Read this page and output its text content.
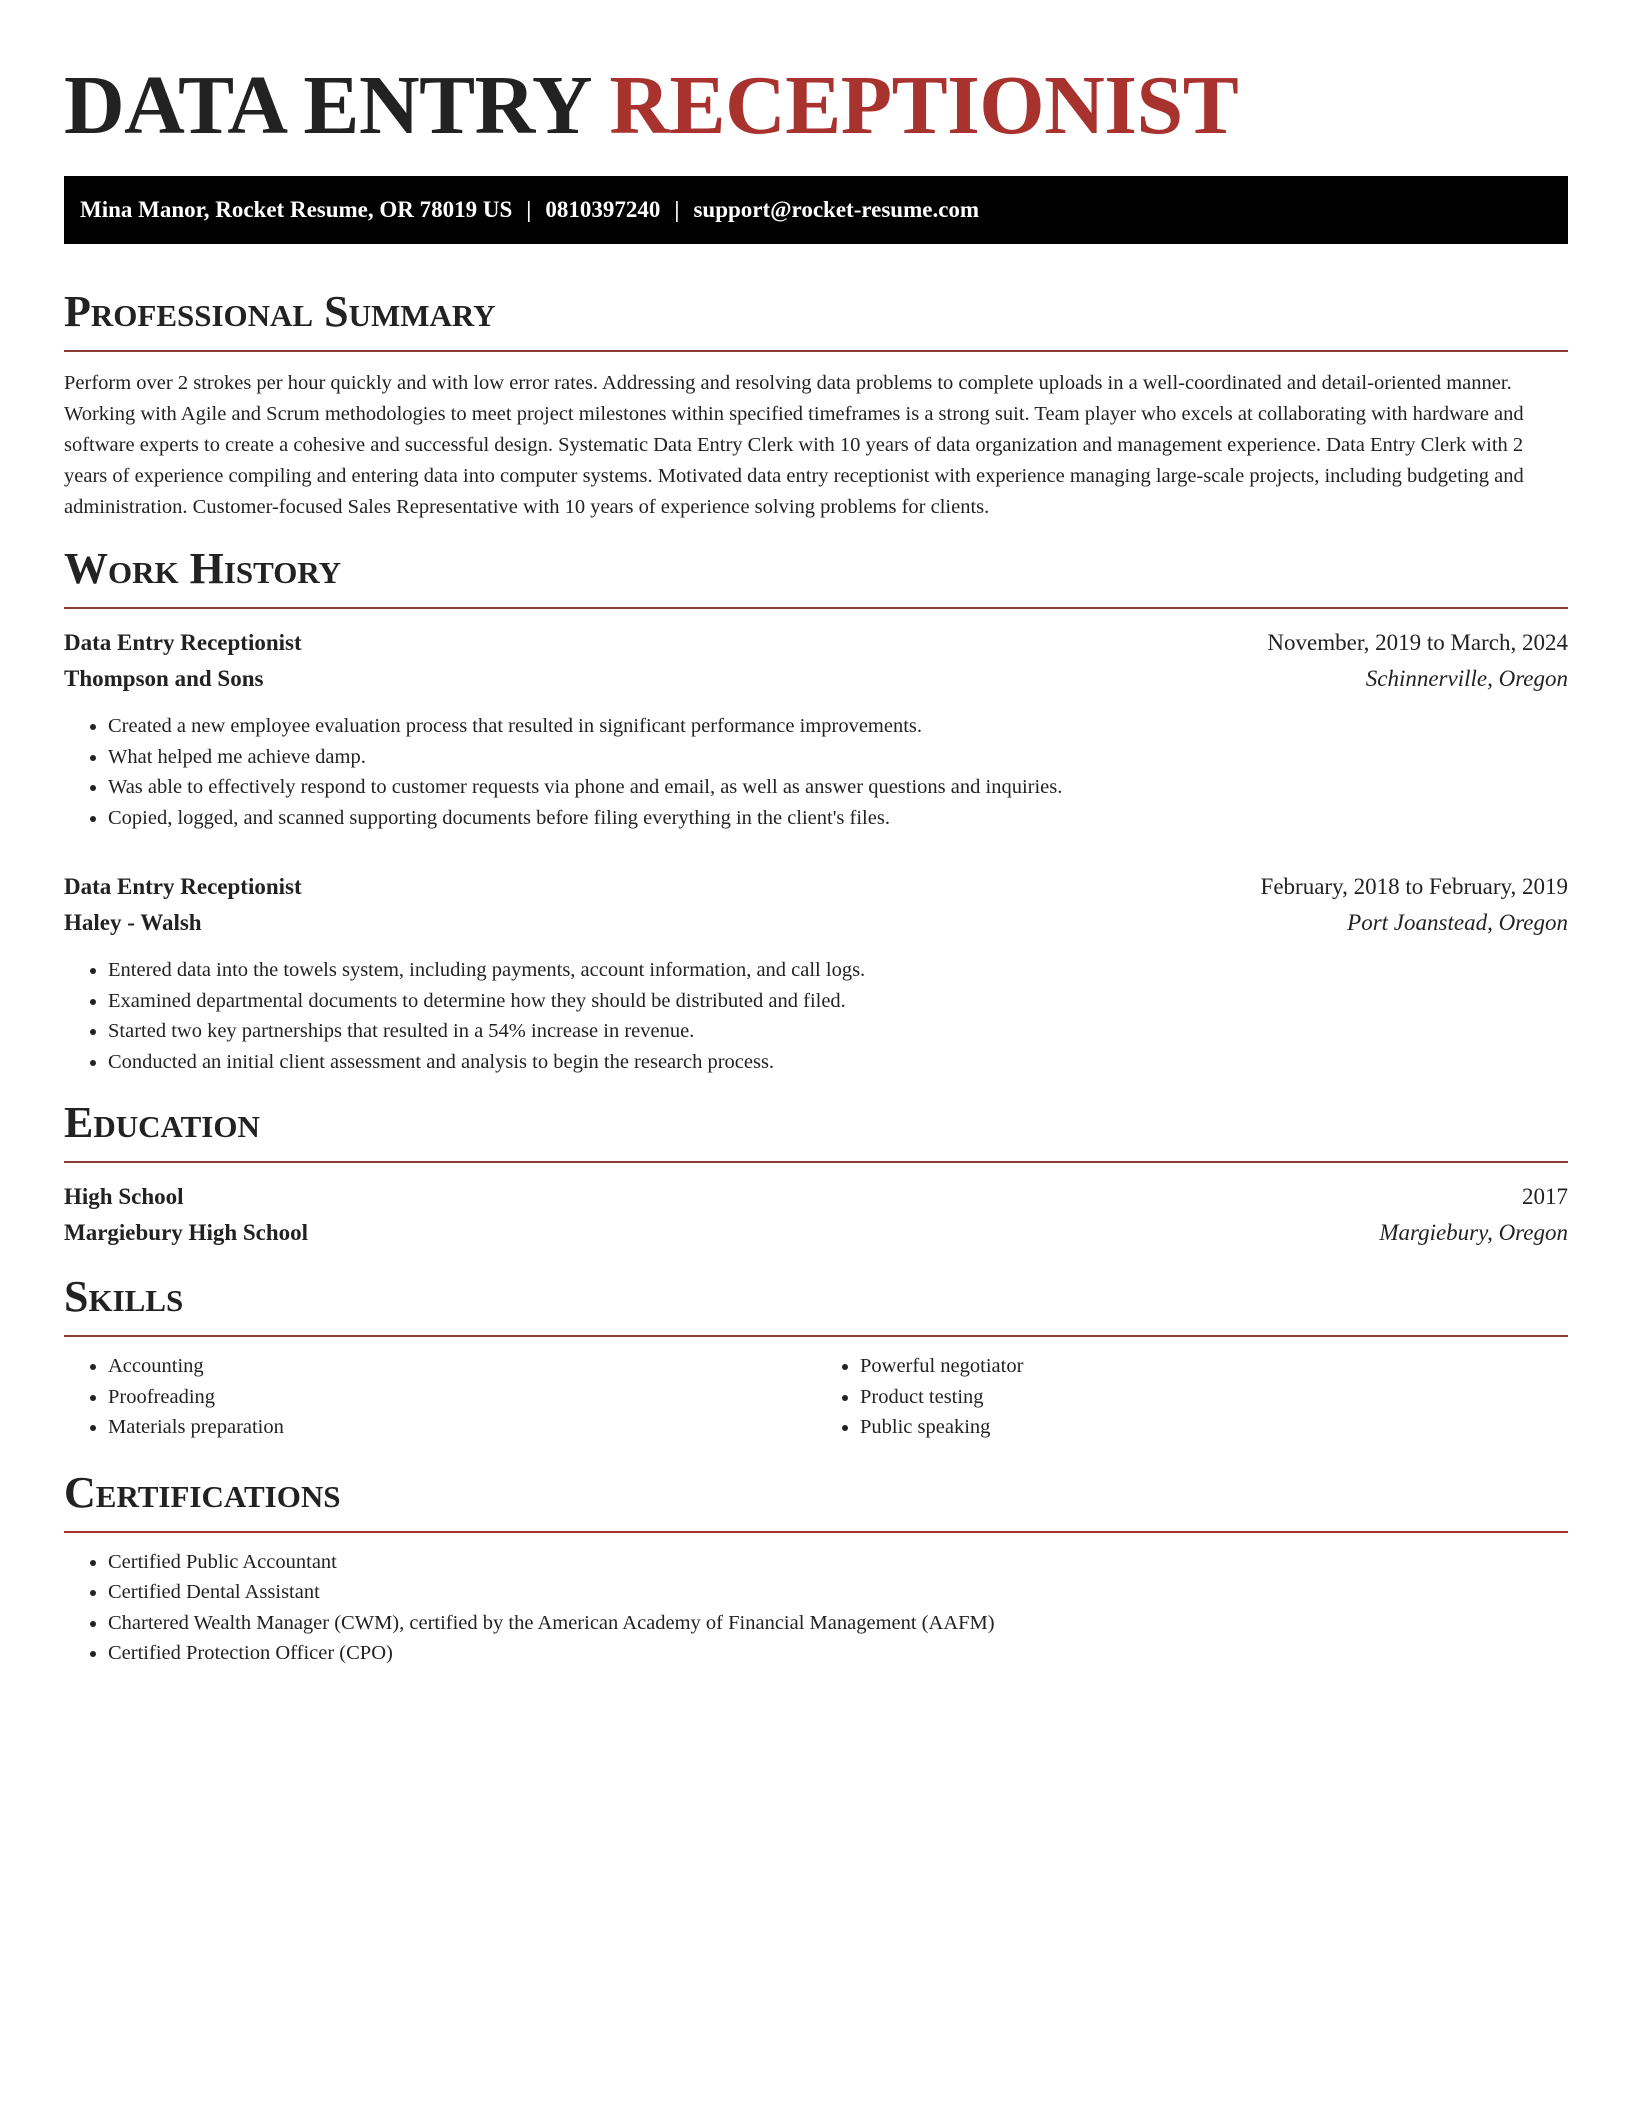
DATA ENTRY RECEPTIONIST
Mina Manor, Rocket Resume, OR 78019 US | 0810397240 | support@rocket-resume.com
Professional Summary

Perform over 2 strokes per hour quickly and with low error rates. Addressing and resolving data problems to complete uploads in a well-coordinated and detail-oriented manner. Working with Agile and Scrum methodologies to meet project milestones within specified timeframes is a strong suit. Team player who excels at collaborating with hardware and software experts to create a cohesive and successful design. Systematic Data Entry Clerk with 10 years of data organization and management experience. Data Entry Clerk with 2 years of experience compiling and entering data into computer systems. Motivated data entry receptionist with experience managing large-scale projects, including budgeting and administration. Customer-focused Sales Representative with 10 years of experience solving problems for clients.

Work History
Data Entry Receptionist	November, 2019 to March, 2024
Thompson and Sons	Schinnerville, Oregon
• Created a new employee evaluation process that resulted in significant performance improvements.
• What helped me achieve damp.
• Was able to effectively respond to customer requests via phone and email, as well as answer questions and inquiries.
• Copied, logged, and scanned supporting documents before filing everything in the client's files.
Data Entry Receptionist	February, 2018 to February, 2019
Haley - Walsh	Port Joanstead, Oregon
• Entered data into the towels system, including payments, account information, and call logs.
• Examined departmental documents to determine how they should be distributed and filed.
• Started two key partnerships that resulted in a 54% increase in revenue.
• Conducted an initial client assessment and analysis to begin the research process.
Education
High School	2017
Margiebury High School	Margiebury, Oregon
Skills
• Accounting
• Proofreading
• Materials preparation
• Powerful negotiator
• Product testing
• Public speaking
Certifications
• Certified Public Accountant
• Certified Dental Assistant
• Chartered Wealth Manager (CWM), certified by the American Academy of Financial Management (AAFM)
• Certified Protection Officer (CPO)
